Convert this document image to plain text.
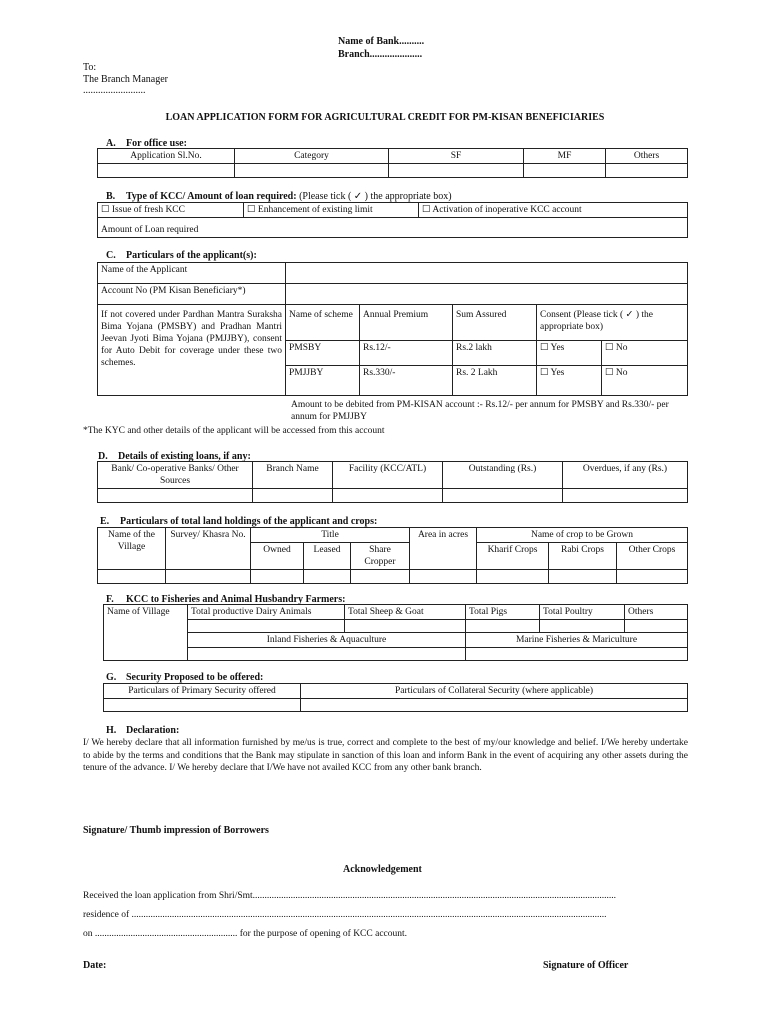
Name of Bank..........
Branch.....................
To:
The Branch Manager
.........................
LOAN APPLICATION FORM FOR AGRICULTURAL CREDIT FOR PM-KISAN BENEFICIARIES
A. For office use:
Application Sl.No.	Category	SF	MF	Others

B. Type of KCC/ Amount of loan required: (Please tick ( ✓ ) the appropriate box)
☐ Issue of fresh KCC	☐ Enhancement of existing limit	☐ Activation of inoperative KCC account
Amount of Loan required		
C. Particulars of the applicant(s):
Name of the Applicant					
Account No (PM Kisan Beneficiary*)					
If not covered under Pardhan Mantra Suraksha Bima Yojana (PMSBY) and Pradhan Mantri Jeevan Jyoti Bima Yojana (PMJJBY), consent for Auto Debit for coverage under these two schemes.	Name of scheme	Annual Premium	Sum Assured	Consent (Please tick ( ✓ ) the appropriate box)	
	PMSBY	Rs.12/-	Rs.2 lakh	☐ Yes	☐ No
	PMJJBY	Rs.330/-	Rs. 2 Lakh	☐ Yes	☐ No
Amount to be debited from PM-KISAN account :- Rs.12/- per annum for PMSBY and Rs.330/- per annum for PMJJBY
*The KYC and other details of the applicant will be accessed from this account
D. Details of existing loans, if any:
Bank/ Co-operative Banks/ Other Sources	Branch Name	Facility (KCC/ATL)	Outstanding (Rs.)	Overdues, if any (Rs.)

E. Particulars of total land holdings of the applicant and crops:
Name of the Village	Survey/ Khasra No.	Title			Area in acres	Name of crop to be Grown		
		Owned	Leased	Share Cropper		Kharif Crops	Rabi Crops	Other Crops

F. KCC to Fisheries and Animal Husbandry Farmers:
Name of Village	Total productive Dairy Animals	Total Sheep & Goat	Total Pigs	Total Poultry	Others

	Inland Fisheries & Aquaculture		Marine Fisheries & Mariculture		

G. Security Proposed to be offered:
Particulars of Primary Security offered	Particulars of Collateral Security (where applicable)

H. Declaration:
I/ We hereby declare that all information furnished by me/us is true, correct and complete to the best of my/our knowledge and belief. I/We hereby undertake to abide by the terms and conditions that the Bank may stipulate in sanction of this loan and inform Bank in the event of acquiring any other assets during the tenure of the advance. I/ We hereby declare that I/We have not availed KCC from any other bank branch.
Signature/ Thumb impression of Borrowers
Acknowledgement
Received the loan application from Shri/Smt.........................................................................................................................................................
residence of ........................................................................................................................................................................................................
on ............................................................ for the purpose of opening of KCC account.
Date:	Signature of Officer
